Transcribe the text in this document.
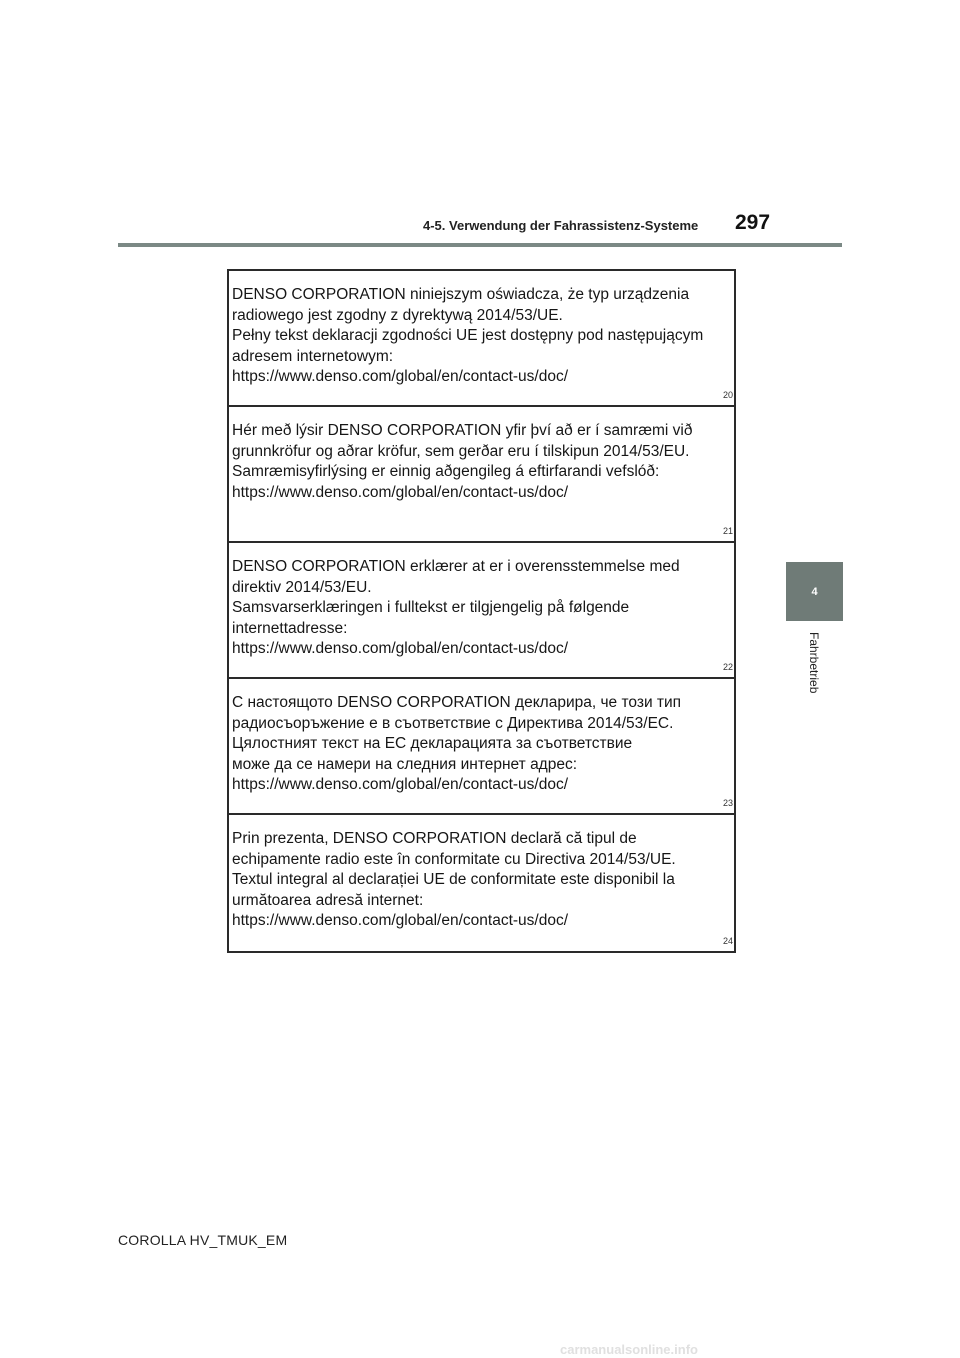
4-5. Verwendung der Fahrassistenz-Systeme 297
4
Fahrbetrieb
DENSO CORPORATION niniejszym oświadcza, że typ urządzenia
radiowego jest zgodny z dyrektywą 2014/53/UE.
Pełny tekst deklaracji zgodności UE jest dostępny pod następującym
adresem internetowym:
https://www.denso.com/global/en/contact-us/doc/
20
Hér með lýsir DENSO CORPORATION yfir því að er í samræmi við
grunnkröfur og aðrar kröfur, sem gerðar eru í tilskipun 2014/53/EU.
Samræmisyfirlýsing er einnig aðgengileg á eftirfarandi vefslóð:
https://www.denso.com/global/en/contact-us/doc/
21
DENSO CORPORATION erklærer at er i overensstemmelse med
direktiv 2014/53/EU.
Samsvarserklæringen i fulltekst er tilgjengelig på følgende
internettadresse:
https://www.denso.com/global/en/contact-us/doc/
22
С настоящото DENSO CORPORATION декларира, че този тип
радиосъоръжение е в съответствие с Директива 2014/53/ЕС.
Цялостният текст на ЕС декларацията за съответствие
може да се намери на следния интернет адрес:
https://www.denso.com/global/en/contact-us/doc/
23
Prin prezenta, DENSO CORPORATION declară că tipul de
echipamente radio este în conformitate cu Directiva 2014/53/UE.
Textul integral al declarației UE de conformitate este disponibil la
următoarea adresă internet:
https://www.denso.com/global/en/contact-us/doc/
24
COROLLA HV_TMUK_EM
carmanualsonline.info
